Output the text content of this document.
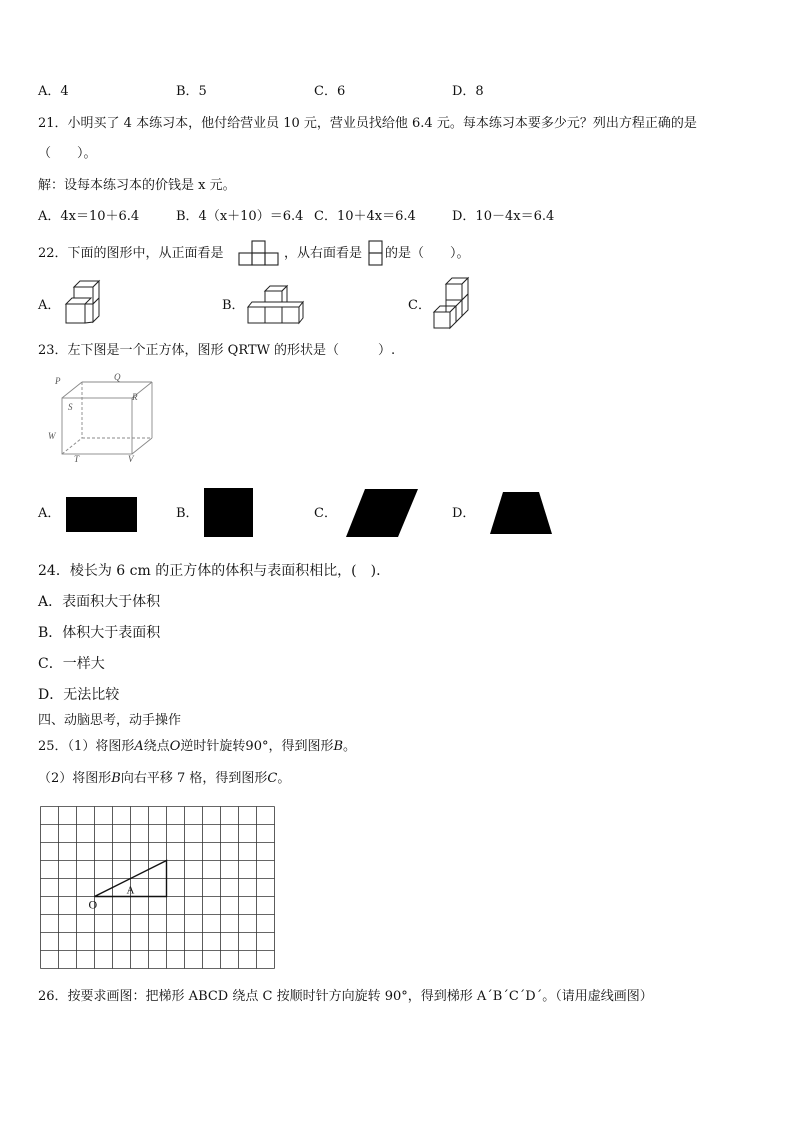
A．4	B．5	C．6	D．8
21．小明买了 4 本练习本，他付给营业员 10 元，营业员找给他 6.4 元。每本练习本要多少元？列出方程正确的是
（　　）。
解：设每本练习本的价钱是 x 元。
A．4x＝10＋6.4	B．4（x＋10）＝6.4 C．10＋4x＝6.4	D．10－4x＝6.4
22．下面的图形中，从正面看是	，从右面看是 的是（　　）。
A．	B．	C．
23．左下图是一个正方体，图形 QRTW 的形状是（　　　）.
P	Q
S
R
W
T	V
A．	B．	C．	D．
24．棱长为 6 cm 的正方体的体积与表面积相比，(　).
A．表面积大于体积
B．体积大于表面积
C．一样大
D．无法比较
四、动脑思考，动手操作
25．（1）将图形A绕点O逆时针旋转90°，得到图形B。
（2）将图形B向右平移 7 格，得到图形C。
A
O
26．按要求画图：把梯形 ABCD 绕点 C 按顺时针方向旋转 90°，得到梯形 A´B´C´D´。（请用虚线画图）
